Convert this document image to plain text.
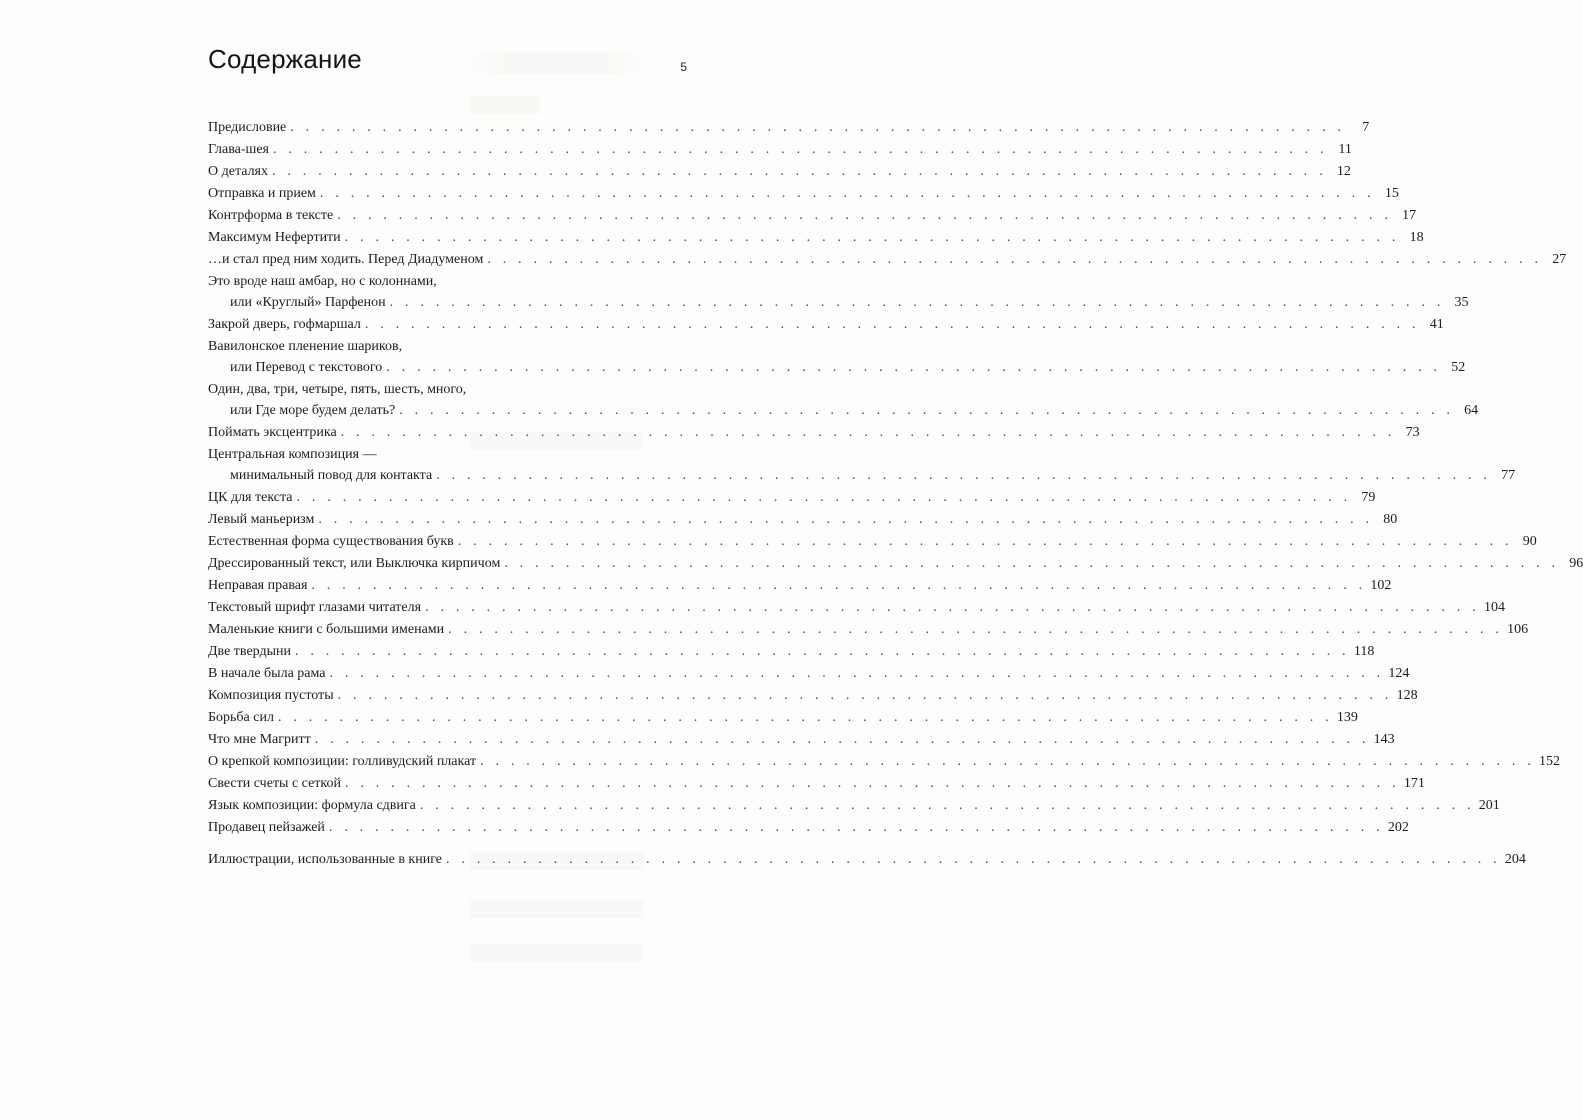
5
Содержание
Предисловие . . . . . . . . . . . . . . . . . . . . . . . . . . . . . . . . . . . . . . . . . . . . . . . . . . . . . . . . . . . . . . . . . . . . .	7
Глава-шея . . . . . . . . . . . . . . . . . . . . . . . . . . . . . . . . . . . . . . . . . . . . . . . . . . . . . . . . . . . . . . . . . . . . . 11
О деталях . . . . . . . . . . . . . . . . . . . . . . . . . . . . . . . . . . . . . . . . . . . . . . . . . . . . . . . . . . . . . . . . . . . . . 12
Отправка и прием . . . . . . . . . . . . . . . . . . . . . . . . . . . . . . . . . . . . . . . . . . . . . . . . . . . . . . . . . . . . . . . . . . . . . 15
Контрформа в тексте . . . . . . . . . . . . . . . . . . . . . . . . . . . . . . . . . . . . . . . . . . . . . . . . . . . . . . . . . . . . . . . . . . . . . 17
Максимум Нефертити . . . . . . . . . . . . . . . . . . . . . . . . . . . . . . . . . . . . . . . . . . . . . . . . . . . . . . . . . . . . . . . . . . . . . 18
…и стал пред ним ходить. Перед Диадуменом . . . . . . . . . . . . . . . . . . . . . . . . . . . . . . . . . . . . . . . . . . . . . . . . . . . . . . . . . . . . . . . . . . . . . 27
Это вроде наш амбар, но с колоннами,
или «Круглый» Парфенон . . . . . . . . . . . . . . . . . . . . . . . . . . . . . . . . . . . . . . . . . . . . . . . . . . . . . . . . . . . . . . . . . . . . . 35
Закрой дверь, гофмаршал . . . . . . . . . . . . . . . . . . . . . . . . . . . . . . . . . . . . . . . . . . . . . . . . . . . . . . . . . . . . . . . . . . . . . 41
Вавилонское пленение шариков,
или Перевод с текстового . . . . . . . . . . . . . . . . . . . . . . . . . . . . . . . . . . . . . . . . . . . . . . . . . . . . . . . . . . . . . . . . . . . . . 52
Один, два, три, четыре, пять, шесть, много,
или Где море будем делать? . . . . . . . . . . . . . . . . . . . . . . . . . . . . . . . . . . . . . . . . . . . . . . . . . . . . . . . . . . . . . . . . . . . . . 64
Поймать эксцентрика . . . . . . . . . . . . . . . . . . . . . . . . . . . . . . . . . . . . . . . . . . . . . . . . . . . . . . . . . . . . . . . . . . . . . 73
Центральная композиция —
минимальный повод для контакта . . . . . . . . . . . . . . . . . . . . . . . . . . . . . . . . . . . . . . . . . . . . . . . . . . . . . . . . . . . . . . . . . . . . . 77
ЦК для текста . . . . . . . . . . . . . . . . . . . . . . . . . . . . . . . . . . . . . . . . . . . . . . . . . . . . . . . . . . . . . . . . . . . . . 79
Левый маньеризм . . . . . . . . . . . . . . . . . . . . . . . . . . . . . . . . . . . . . . . . . . . . . . . . . . . . . . . . . . . . . . . . . . . . . 80
Естественная форма существования букв . . . . . . . . . . . . . . . . . . . . . . . . . . . . . . . . . . . . . . . . . . . . . . . . . . . . . . . . . . . . . . . . . . . . . 90
Дрессированный текст, или Выключка кирпичом . . . . . . . . . . . . . . . . . . . . . . . . . . . . . . . . . . . . . . . . . . . . . . . . . . . . . . . . . . . . . . . . . . . . . 96
Неправая правая . . . . . . . . . . . . . . . . . . . . . . . . . . . . . . . . . . . . . . . . . . . . . . . . . . . . . . . . . . . . . . . . . . . . . 102
Текстовый шрифт глазами читателя . . . . . . . . . . . . . . . . . . . . . . . . . . . . . . . . . . . . . . . . . . . . . . . . . . . . . . . . . . . . . . . . . . . . . 104
Маленькие книги с большими именами . . . . . . . . . . . . . . . . . . . . . . . . . . . . . . . . . . . . . . . . . . . . . . . . . . . . . . . . . . . . . . . . . . . . . 106
Две твердыни . . . . . . . . . . . . . . . . . . . . . . . . . . . . . . . . . . . . . . . . . . . . . . . . . . . . . . . . . . . . . . . . . . . . . 118
В начале была рама . . . . . . . . . . . . . . . . . . . . . . . . . . . . . . . . . . . . . . . . . . . . . . . . . . . . . . . . . . . . . . . . . . . . . 124
Композиция пустоты . . . . . . . . . . . . . . . . . . . . . . . . . . . . . . . . . . . . . . . . . . . . . . . . . . . . . . . . . . . . . . . . . . . . . 128
Борьба сил . . . . . . . . . . . . . . . . . . . . . . . . . . . . . . . . . . . . . . . . . . . . . . . . . . . . . . . . . . . . . . . . . . . . . 139
Что мне Магритт . . . . . . . . . . . . . . . . . . . . . . . . . . . . . . . . . . . . . . . . . . . . . . . . . . . . . . . . . . . . . . . . . . . . . 143
О крепкой композиции: голливудский плакат . . . . . . . . . . . . . . . . . . . . . . . . . . . . . . . . . . . . . . . . . . . . . . . . . . . . . . . . . . . . . . . . . . . . . 152
Свести счеты с сеткой . . . . . . . . . . . . . . . . . . . . . . . . . . . . . . . . . . . . . . . . . . . . . . . . . . . . . . . . . . . . . . . . . . . . . 171
Язык композиции: формула сдвига . . . . . . . . . . . . . . . . . . . . . . . . . . . . . . . . . . . . . . . . . . . . . . . . . . . . . . . . . . . . . . . . . . . . . 201
Продавец пейзажей . . . . . . . . . . . . . . . . . . . . . . . . . . . . . . . . . . . . . . . . . . . . . . . . . . . . . . . . . . . . . . . . . . . . . 202
Иллюстрации, использованные в книге . . . . . . . . . . . . . . . . . . . . . . . . . . . . . . . . . . . . . . . . . . . . . . . . . . . . . . . . . . . . . . . . . . . . . 204
